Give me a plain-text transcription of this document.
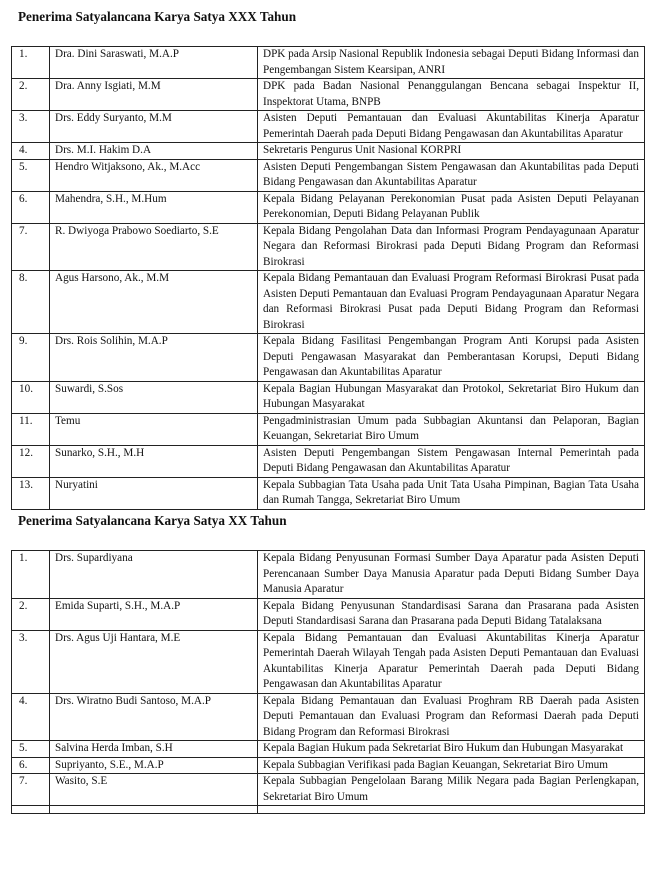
Penerima Satyalancana Karya Satya XXX Tahun
1.	Dra. Dini Saraswati, M.A.P	DPK pada Arsip Nasional Republik Indonesia sebagai Deputi Bidang Informasi dan Pengembangan Sistem Kearsipan, ANRI
2.	Dra. Anny Isgiati, M.M	DPK pada Badan Nasional Penanggulangan Bencana sebagai Inspektur II, Inspektorat Utama, BNPB
3.	Drs. Eddy Suryanto, M.M	Asisten Deputi Pemantauan dan Evaluasi Akuntabilitas Kinerja Aparatur Pemerintah Daerah pada Deputi Bidang Pengawasan dan Akuntabilitas Aparatur
4.	Drs. M.I. Hakim D.A	Sekretaris Pengurus Unit Nasional KORPRI
5.	Hendro Witjaksono, Ak., M.Acc	Asisten Deputi Pengembangan Sistem Pengawasan dan Akuntabilitas pada Deputi Bidang Pengawasan dan Akuntabilitas Aparatur
6.	Mahendra, S.H., M.Hum	Kepala Bidang Pelayanan Perekonomian Pusat pada Asisten Deputi Pelayanan Perekonomian, Deputi Bidang Pelayanan Publik
7.	R. Dwiyoga Prabowo Soediarto, S.E	Kepala Bidang Pengolahan Data dan Informasi Program Pendayagunaan Aparatur Negara dan Reformasi Birokrasi pada Deputi Bidang Program dan Reformasi Birokrasi
8.	Agus Harsono, Ak., M.M	Kepala Bidang Pemantauan dan Evaluasi Program Reformasi Birokrasi Pusat pada Asisten Deputi Pemantauan dan Evaluasi Program Pendayagunaan Aparatur Negara dan Reformasi Birokrasi Pusat pada Deputi Bidang Program dan Reformasi Birokrasi
9.	Drs. Rois Solihin, M.A.P	Kepala Bidang Fasilitasi Pengembangan Program Anti Korupsi pada Asisten Deputi Pengawasan Masyarakat dan Pemberantasan Korupsi, Deputi Bidang Pengawasan dan Akuntabilitas Aparatur
10.	Suwardi, S.Sos	Kepala Bagian Hubungan Masyarakat dan Protokol, Sekretariat Biro Hukum dan Hubungan Masyarakat
11.	Temu	Pengadministrasian Umum pada Subbagian Akuntansi dan Pelaporan, Bagian Keuangan, Sekretariat Biro Umum
12.	Sunarko, S.H., M.H	Asisten Deputi Pengembangan Sistem Pengawasan Internal Pemerintah pada Deputi Bidang Pengawasan dan Akuntabilitas Aparatur
13.	Nuryatini	Kepala Subbagian Tata Usaha pada Unit Tata Usaha Pimpinan, Bagian Tata Usaha dan Rumah Tangga, Sekretariat Biro Umum
Penerima Satyalancana Karya Satya XX Tahun
1.	Drs. Supardiyana	Kepala Bidang Penyusunan Formasi Sumber Daya Aparatur pada Asisten Deputi Perencanaan Sumber Daya Manusia Aparatur pada Deputi Bidang Sumber Daya Manusia Aparatur
2.	Emida Suparti, S.H., M.A.P	Kepala Bidang Penyusunan Standardisasi Sarana dan Prasarana pada Asisten Deputi Standardisasi Sarana dan Prasarana pada Deputi Bidang Tatalaksana
3.	Drs. Agus Uji Hantara, M.E	Kepala Bidang Pemantauan dan Evaluasi Akuntabilitas Kinerja Aparatur Pemerintah Daerah Wilayah Tengah pada Asisten Deputi Pemantauan dan Evaluasi Akuntabilitas Kinerja Aparatur Pemerintah Daerah pada Deputi Bidang Pengawasan dan Akuntabilitas Aparatur
4.	Drs. Wiratno Budi Santoso, M.A.P	Kepala Bidang Pemantauan dan Evaluasi Proghram RB Daerah pada Asisten Deputi Pemantauan dan Evaluasi Program dan Reformasi Daerah pada Deputi Bidang Program dan Reformasi Birokrasi
5.	Salvina Herda Imban, S.H	Kepala Bagian Hukum pada Sekretariat Biro Hukum dan Hubungan Masyarakat
6.	Supriyanto, S.E., M.A.P	Kepala Subbagian Verifikasi pada Bagian Keuangan, Sekretariat Biro Umum
7.	Wasito, S.E	Kepala Subbagian Pengelolaan Barang Milik Negara pada Bagian Perlengkapan, Sekretariat Biro Umum
